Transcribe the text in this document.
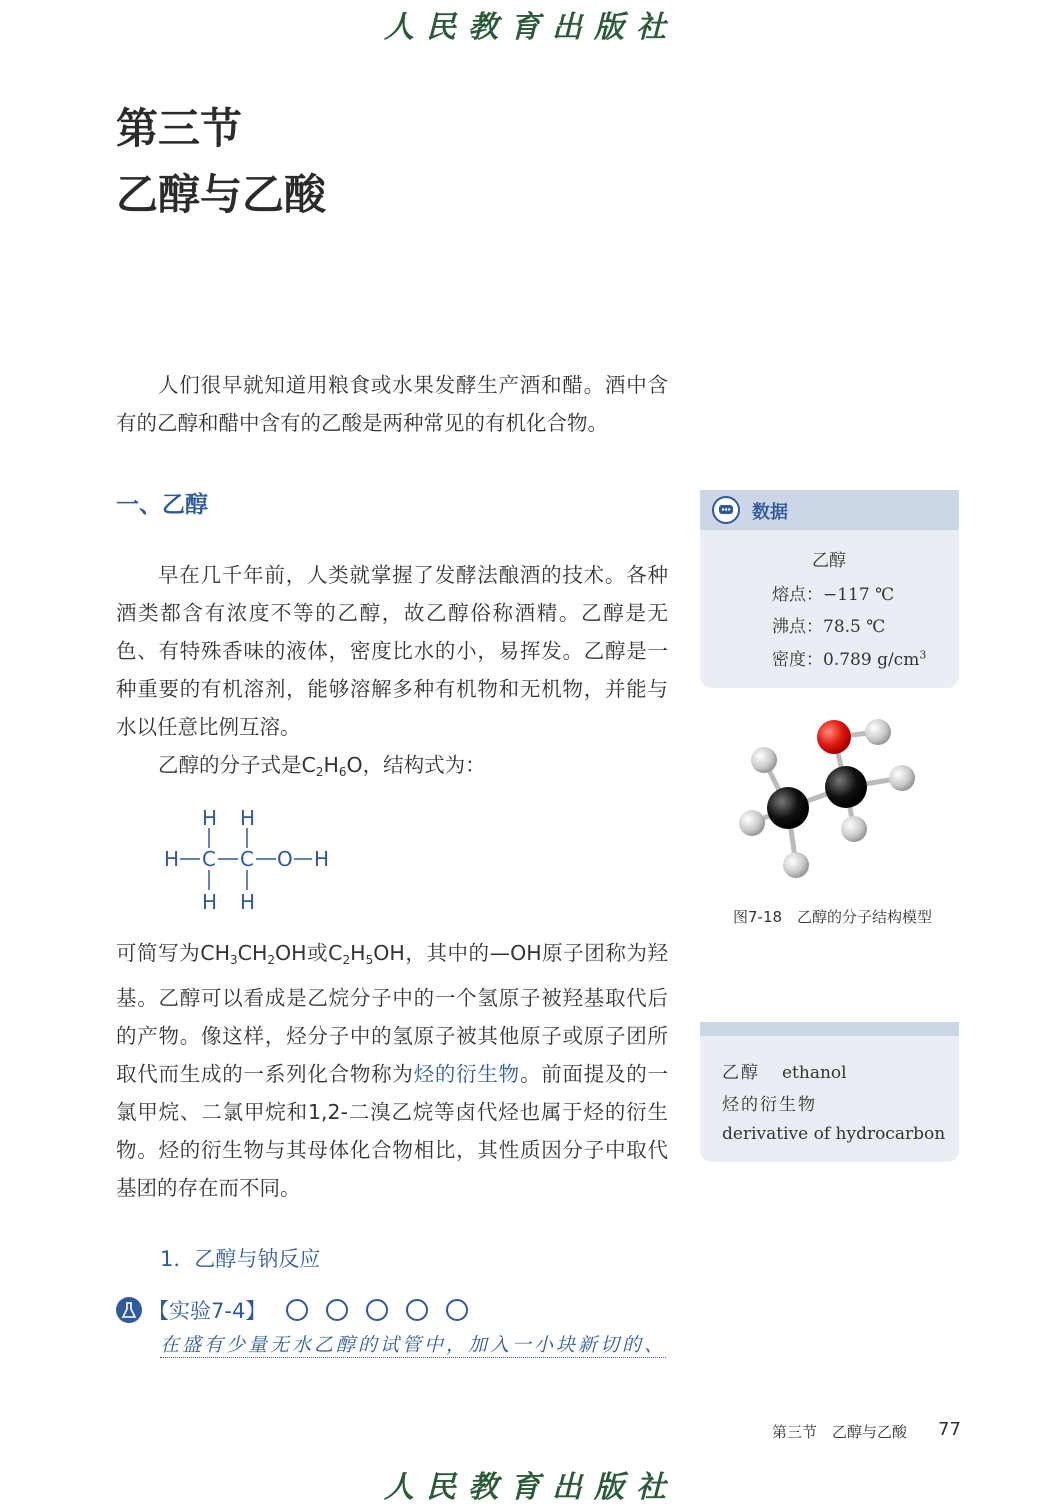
人民教育出版社
第三节
乙醇与乙酸

人们很早就知道用粮食或水果发酵生产酒和醋。酒中含有的乙醇和醋中含有的乙酸是两种常见的有机化合物。

一、乙醇

早在几千年前，人类就掌握了发酵法酿酒的技术。各种酒类都含有浓度不等的乙醇，故乙醇俗称酒精。乙醇是无色、有特殊香味的液体，密度比水的小，易挥发。乙醇是一种重要的有机溶剂，能够溶解多种有机物和无机物，并能与水以任意比例互溶。

乙醇的分子式是$C_2H_6O$，结构式为：

H H
H C C O H
H H

可简写为$CH_3CH_2OH$或$C_2H_5OH$，其中的—OH原子团称为羟基。乙醇可以看成是乙烷分子中的一个氢原子被羟基取代后的产物。像这样，烃分子中的氢原子被其他原子或原子团所取代而生成的一系列化合物称为烃的衍生物。前面提及的一氯甲烷、二氯甲烷和1,2-二溴乙烷等卤代烃也属于烃的衍生物。烃的衍生物与其母体化合物相比，其性质因分子中取代基团的存在而不同。

1．乙醇与钠反应
【实验7-4】
在盛有少量无水乙醇的试管中，加入一小块新切的、
数据
乙醇
熔点：−117 ℃
沸点：78.5 ℃
密度：0.789 $g/cm^3$
图7-18　乙醇的分子结构模型
乙醇 ethanol
烃的衍生物
derivative of hydrocarbon
第三节　乙醇与乙酸 77
人民教育出版社
